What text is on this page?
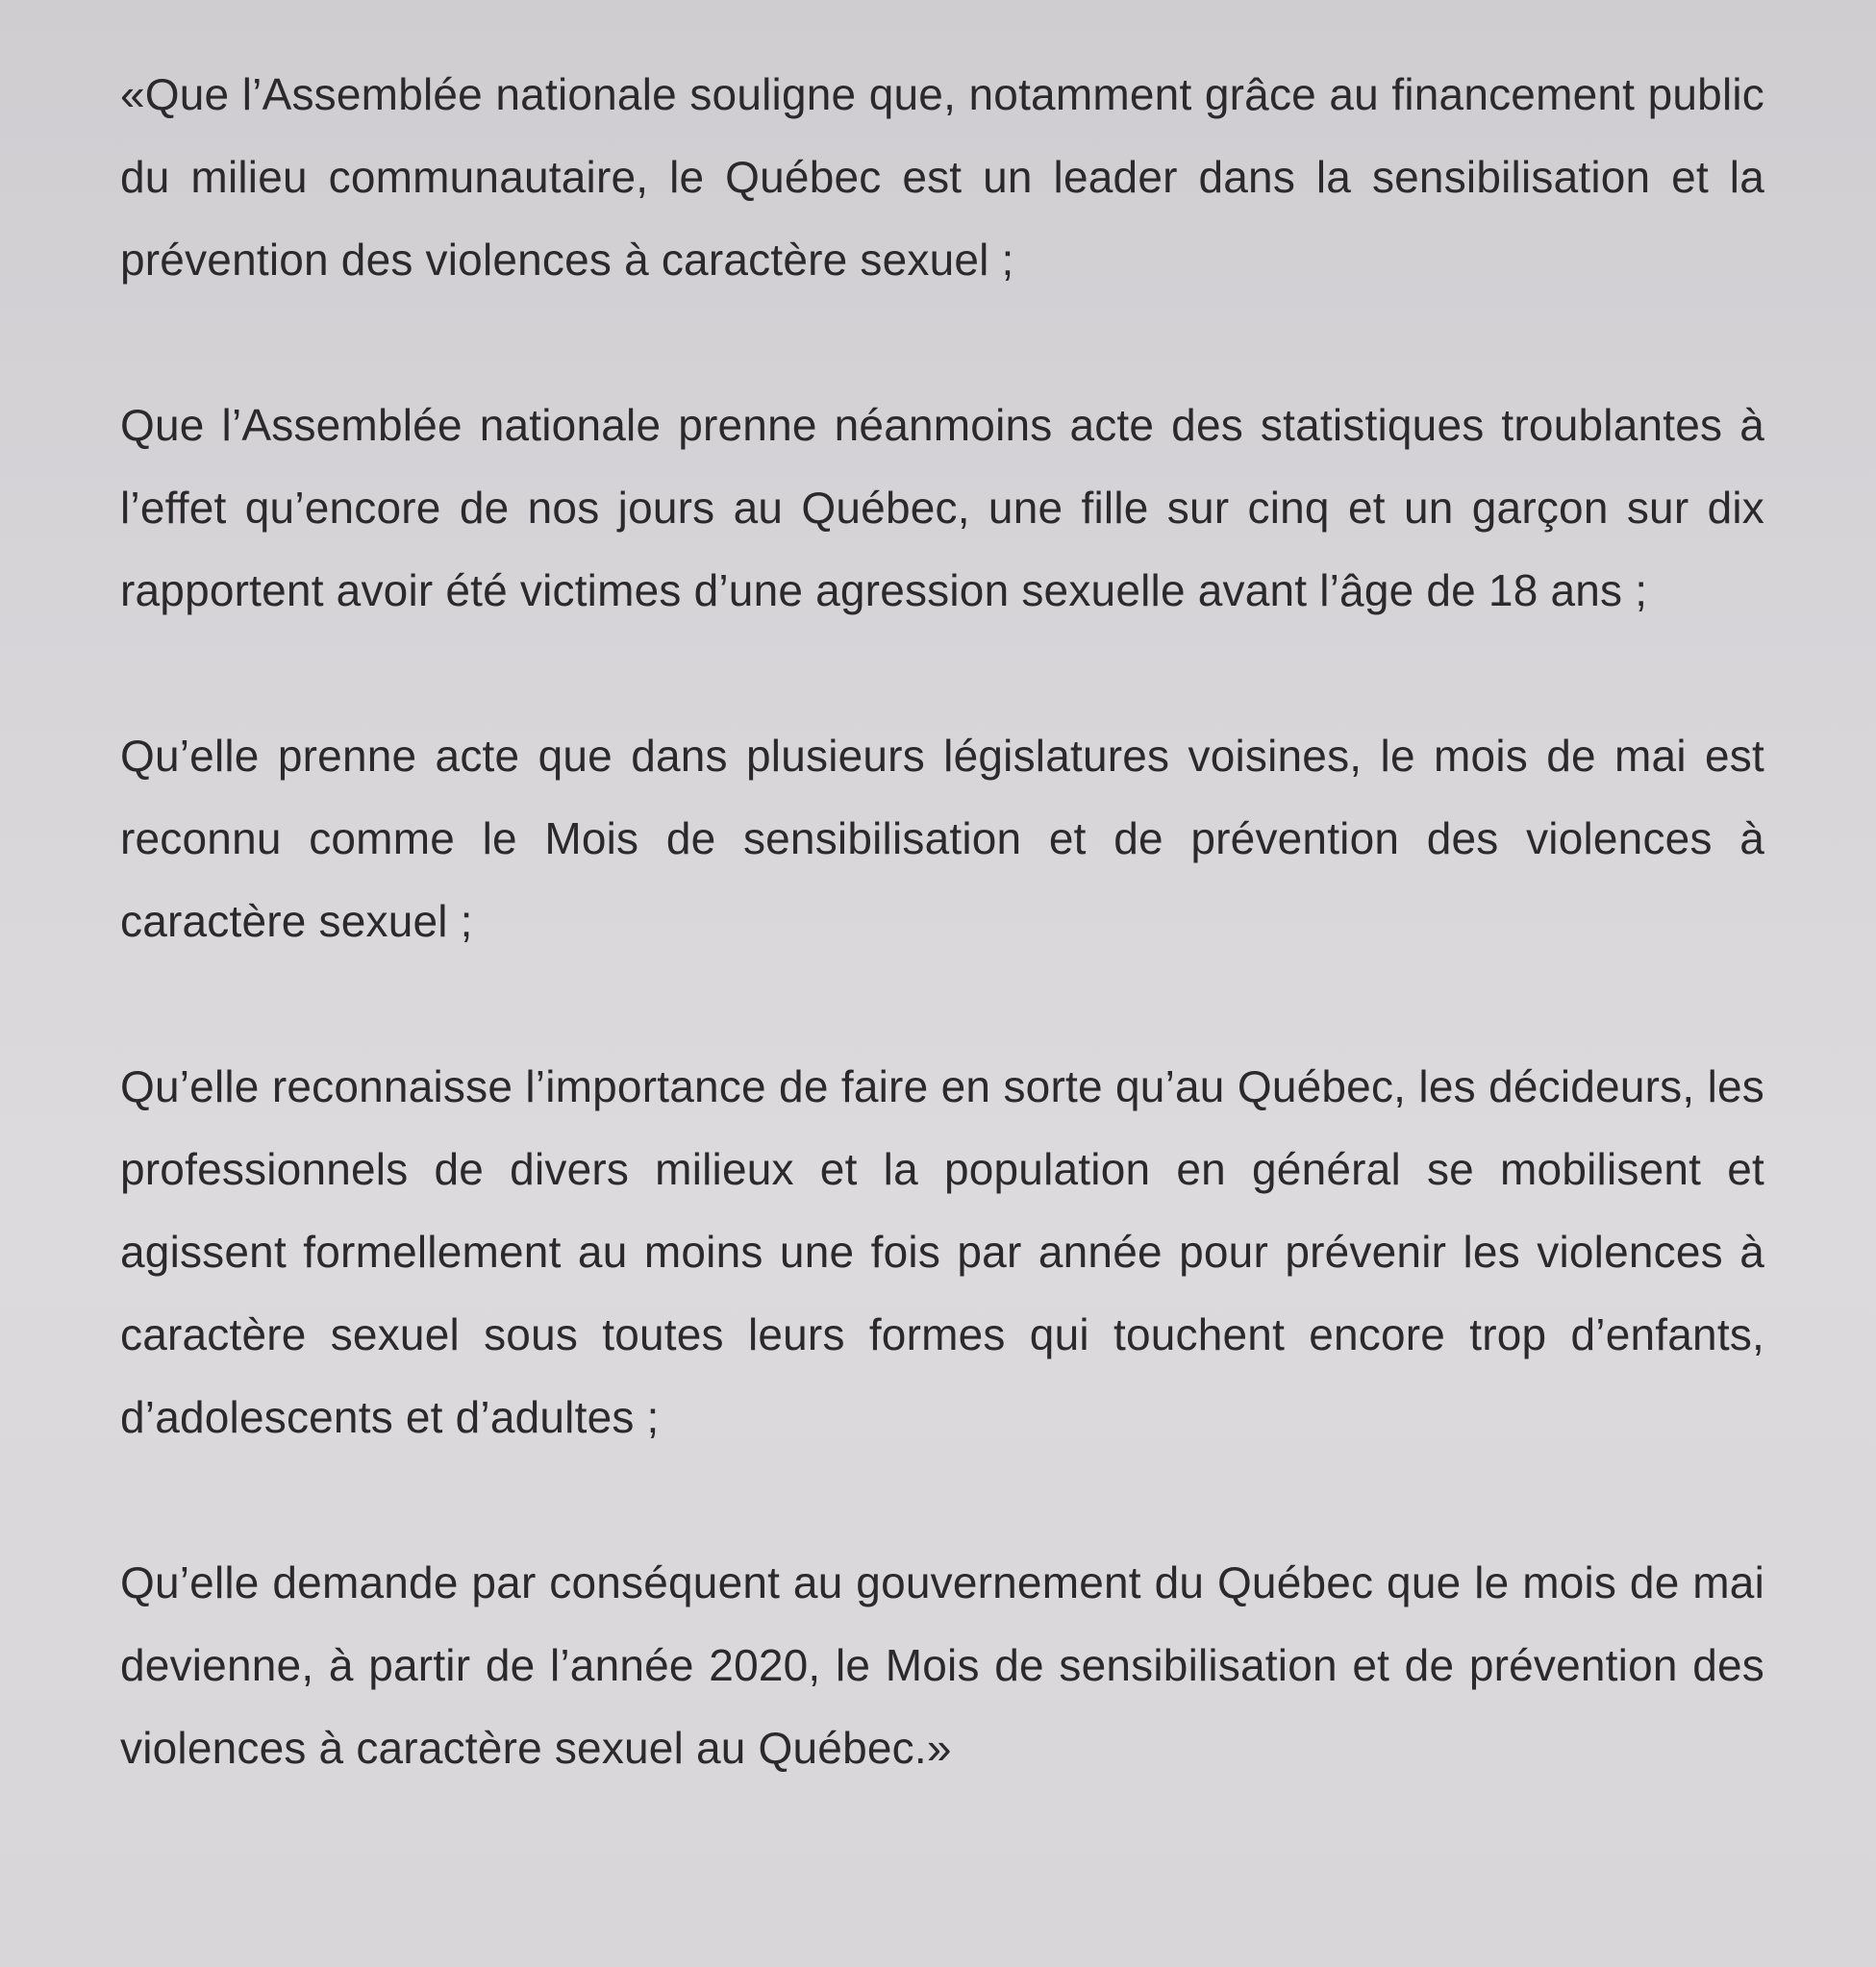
«Que l’Assemblée nationale souligne que, notamment grâce au financement public du milieu communautaire, le Québec est un leader dans la sensibilisation et la prévention des violences à caractère sexuel ;

Que l’Assemblée nationale prenne néanmoins acte des statistiques troublantes à l’effet qu’encore de nos jours au Québec, une fille sur cinq et un garçon sur dix rapportent avoir été victimes d’une agression sexuelle avant l’âge de 18 ans ;

Qu’elle prenne acte que dans plusieurs législatures voisines, le mois de mai est reconnu comme le Mois de sensibilisation et de prévention des violences à caractère sexuel ;

Qu’elle reconnaisse l’importance de faire en sorte qu’au Québec, les décideurs, les professionnels de divers milieux et la population en général se mobilisent et agissent formellement au moins une fois par année pour prévenir les violences à caractère sexuel sous toutes leurs formes qui touchent encore trop d’enfants, d’adolescents et d’adultes ;

Qu’elle demande par conséquent au gouvernement du Québec que le mois de mai devienne, à partir de l’année 2020, le Mois de sensibilisation et de prévention des violences à caractère sexuel au Québec.»
